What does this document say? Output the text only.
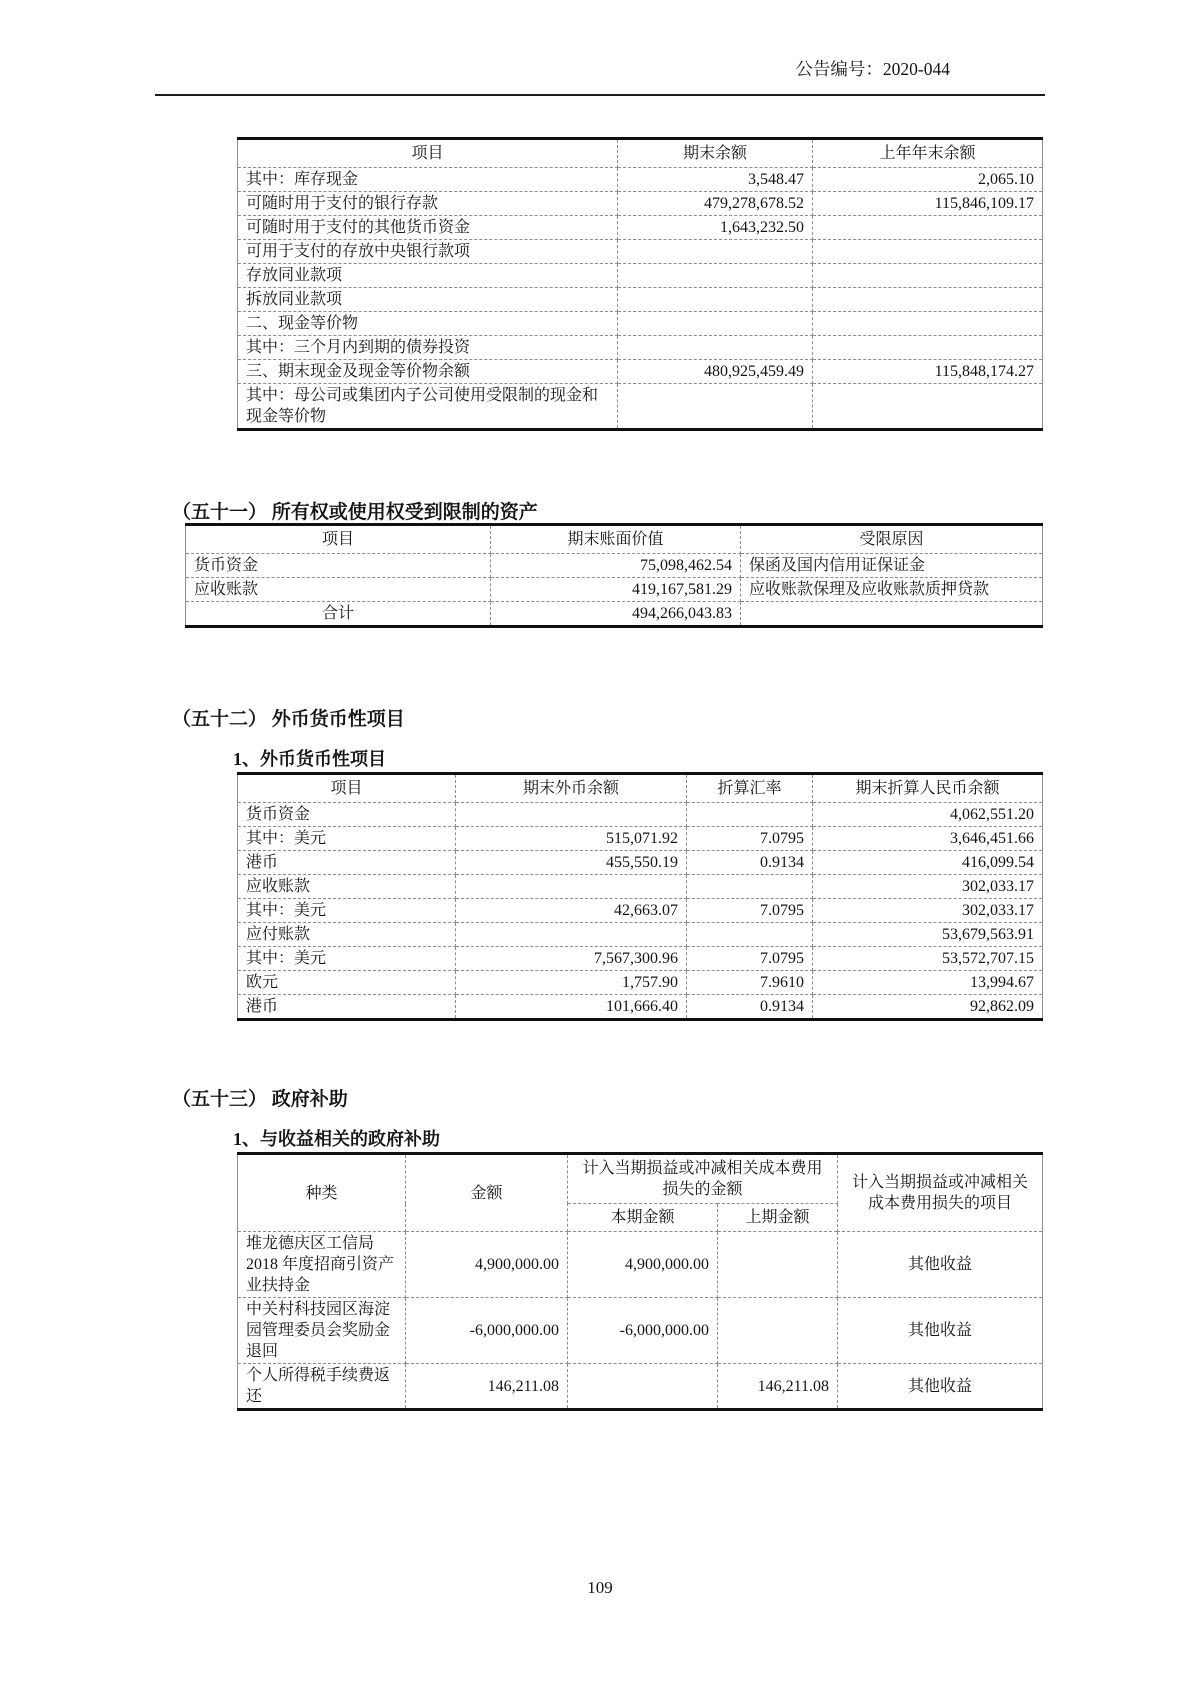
公告编号：2020-044
项目	期末余额	上年年末余额
其中：库存现金	3,548.47	2,065.10
可随时用于支付的银行存款	479,278,678.52	115,846,109.17
可随时用于支付的其他货币资金	1,643,232.50	
可用于支付的存放中央银行款项		
存放同业款项		
拆放同业款项		
二、现金等价物		
其中：三个月内到期的债券投资		
三、期末现金及现金等价物余额	480,925,459.49	115,848,174.27
其中：母公司或集团内子公司使用受限制的现金和现金等价物		
（五十一） 所有权或使用权受到限制的资产
项目	期末账面价值	受限原因
货币资金	75,098,462.54	保函及国内信用证保证金
应收账款	419,167,581.29	应收账款保理及应收账款质押贷款
合计	494,266,043.83	
（五十二） 外币货币性项目
1、外币货币性项目
项目	期末外币余额	折算汇率	期末折算人民币余额
货币资金			4,062,551.20
其中：美元	515,071.92	7.0795	3,646,451.66
港币	455,550.19	0.9134	416,099.54
应收账款			302,033.17
其中：美元	42,663.07	7.0795	302,033.17
应付账款			53,679,563.91
其中：美元	7,567,300.96	7.0795	53,572,707.15
欧元	1,757.90	7.9610	13,994.67
港币	101,666.40	0.9134	92,862.09
（五十三） 政府补助
1、与收益相关的政府补助
种类	金额	计入当期损益或冲减相关成本费用损失的金额		计入当期损益或冲减相关成本费用损失的项目
		本期金额	上期金额	
堆龙德庆区工信局 2018 年度招商引资产业扶持金	4,900,000.00	4,900,000.00		其他收益
中关村科技园区海淀园管理委员会奖励金退回	-6,000,000.00	-6,000,000.00		其他收益
个人所得税手续费返还	146,211.08		146,211.08	其他收益
109
